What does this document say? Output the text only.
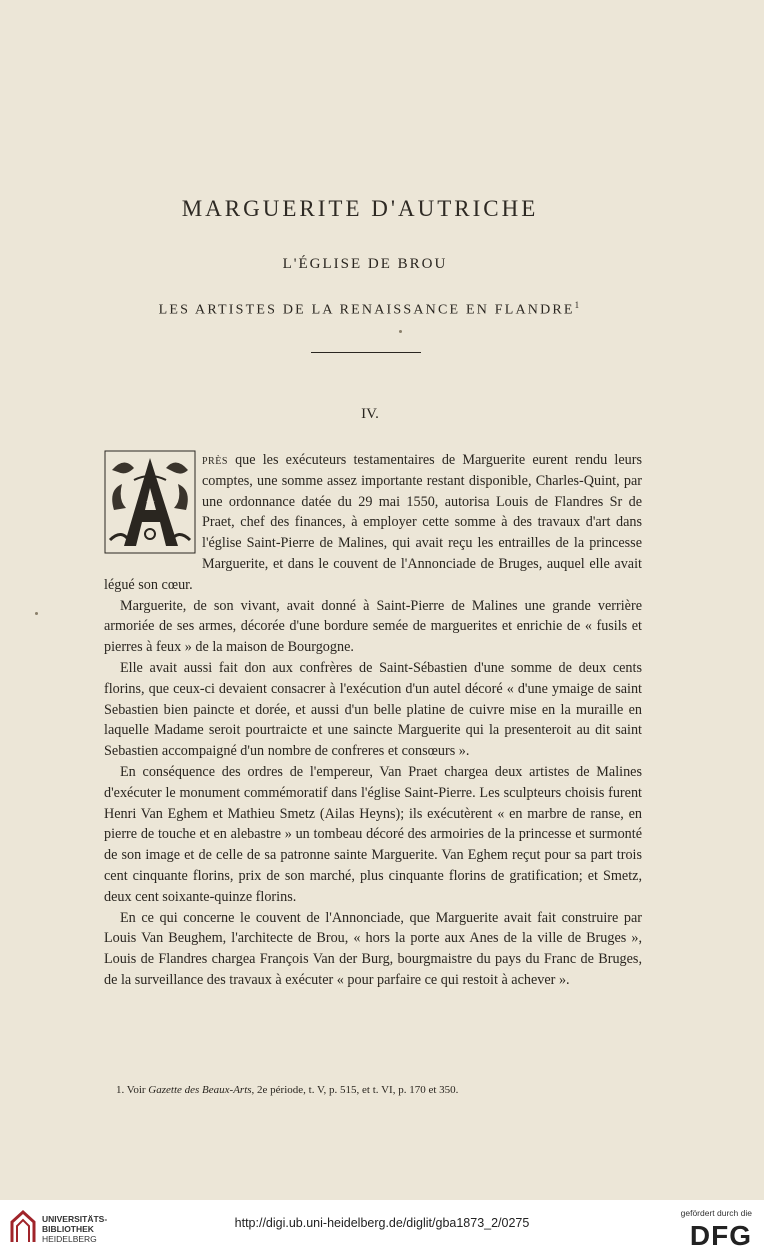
MARGUERITE D'AUTRICHE
L'ÉGLISE DE BROU
LES ARTISTES DE LA RENAISSANCE EN FLANDRE$^1$
IV.
A

près que les exécuteurs testamentaires de Marguerite eurent rendu leurs comptes, une somme assez importante restant disponible, Charles-Quint, par une ordonnance datée du 29 mai 1550, autorisa Louis de Flandres Sr de Praet, chef des finances, à employer cette somme à des travaux d'art dans l'église Saint-Pierre de Malines, qui avait reçu les entrailles de la princesse Marguerite, et dans le couvent de l'Annonciade de Bruges, auquel elle avait légué son cœur.

Marguerite, de son vivant, avait donné à Saint-Pierre de Malines une grande verrière armoriée de ses armes, décorée d'une bordure semée de marguerites et enrichie de « fusils et pierres à feux » de la maison de Bourgogne.

Elle avait aussi fait don aux confrères de Saint-Sébastien d'une somme de deux cents florins, que ceux-ci devaient consacrer à l'exécution d'un autel décoré « d'une ymaige de saint Sebastien bien paincte et dorée, et aussi d'un belle platine de cuivre mise en la muraille en laquelle Madame seroit pourtraicte et une saincte Marguerite qui la presenteroit au dit saint Sebastien accompaigné d'un nombre de confreres et consœurs ».

En conséquence des ordres de l'empereur, Van Praet chargea deux artistes de Malines d'exécuter le monument commémoratif dans l'église Saint-Pierre. Les sculpteurs choisis furent Henri Van Eghem et Mathieu Smetz (Ailas Heyns); ils exécutèrent « en marbre de ranse, en pierre de touche et en alebastre » un tombeau décoré des armoiries de la princesse et surmonté de son image et de celle de sa patronne sainte Marguerite. Van Eghem reçut pour sa part trois cent cinquante florins, prix de son marché, plus cinquante florins de gratification; et Smetz, deux cent soixante-quinze florins.

En ce qui concerne le couvent de l'Annonciade, que Marguerite avait fait construire par Louis Van Beughem, l'architecte de Brou, « hors la porte aux Anes de la ville de Bruges », Louis de Flandres chargea François Van der Burg, bourgmaistre du pays du Franc de Bruges, de la surveillance des travaux à exécuter « pour parfaire ce qui restoit à achever ».

1. Voir Gazette des Beaux-Arts, 2e période, t. V, p. 515, et t. VI, p. 170 et 350.
UNIVERSITÄTS-
BIBLIOTHEK
HEIDELBERG
http://digi.ub.uni-heidelberg.de/diglit/gba1873_2/0275
gefördert durch die
DFG
